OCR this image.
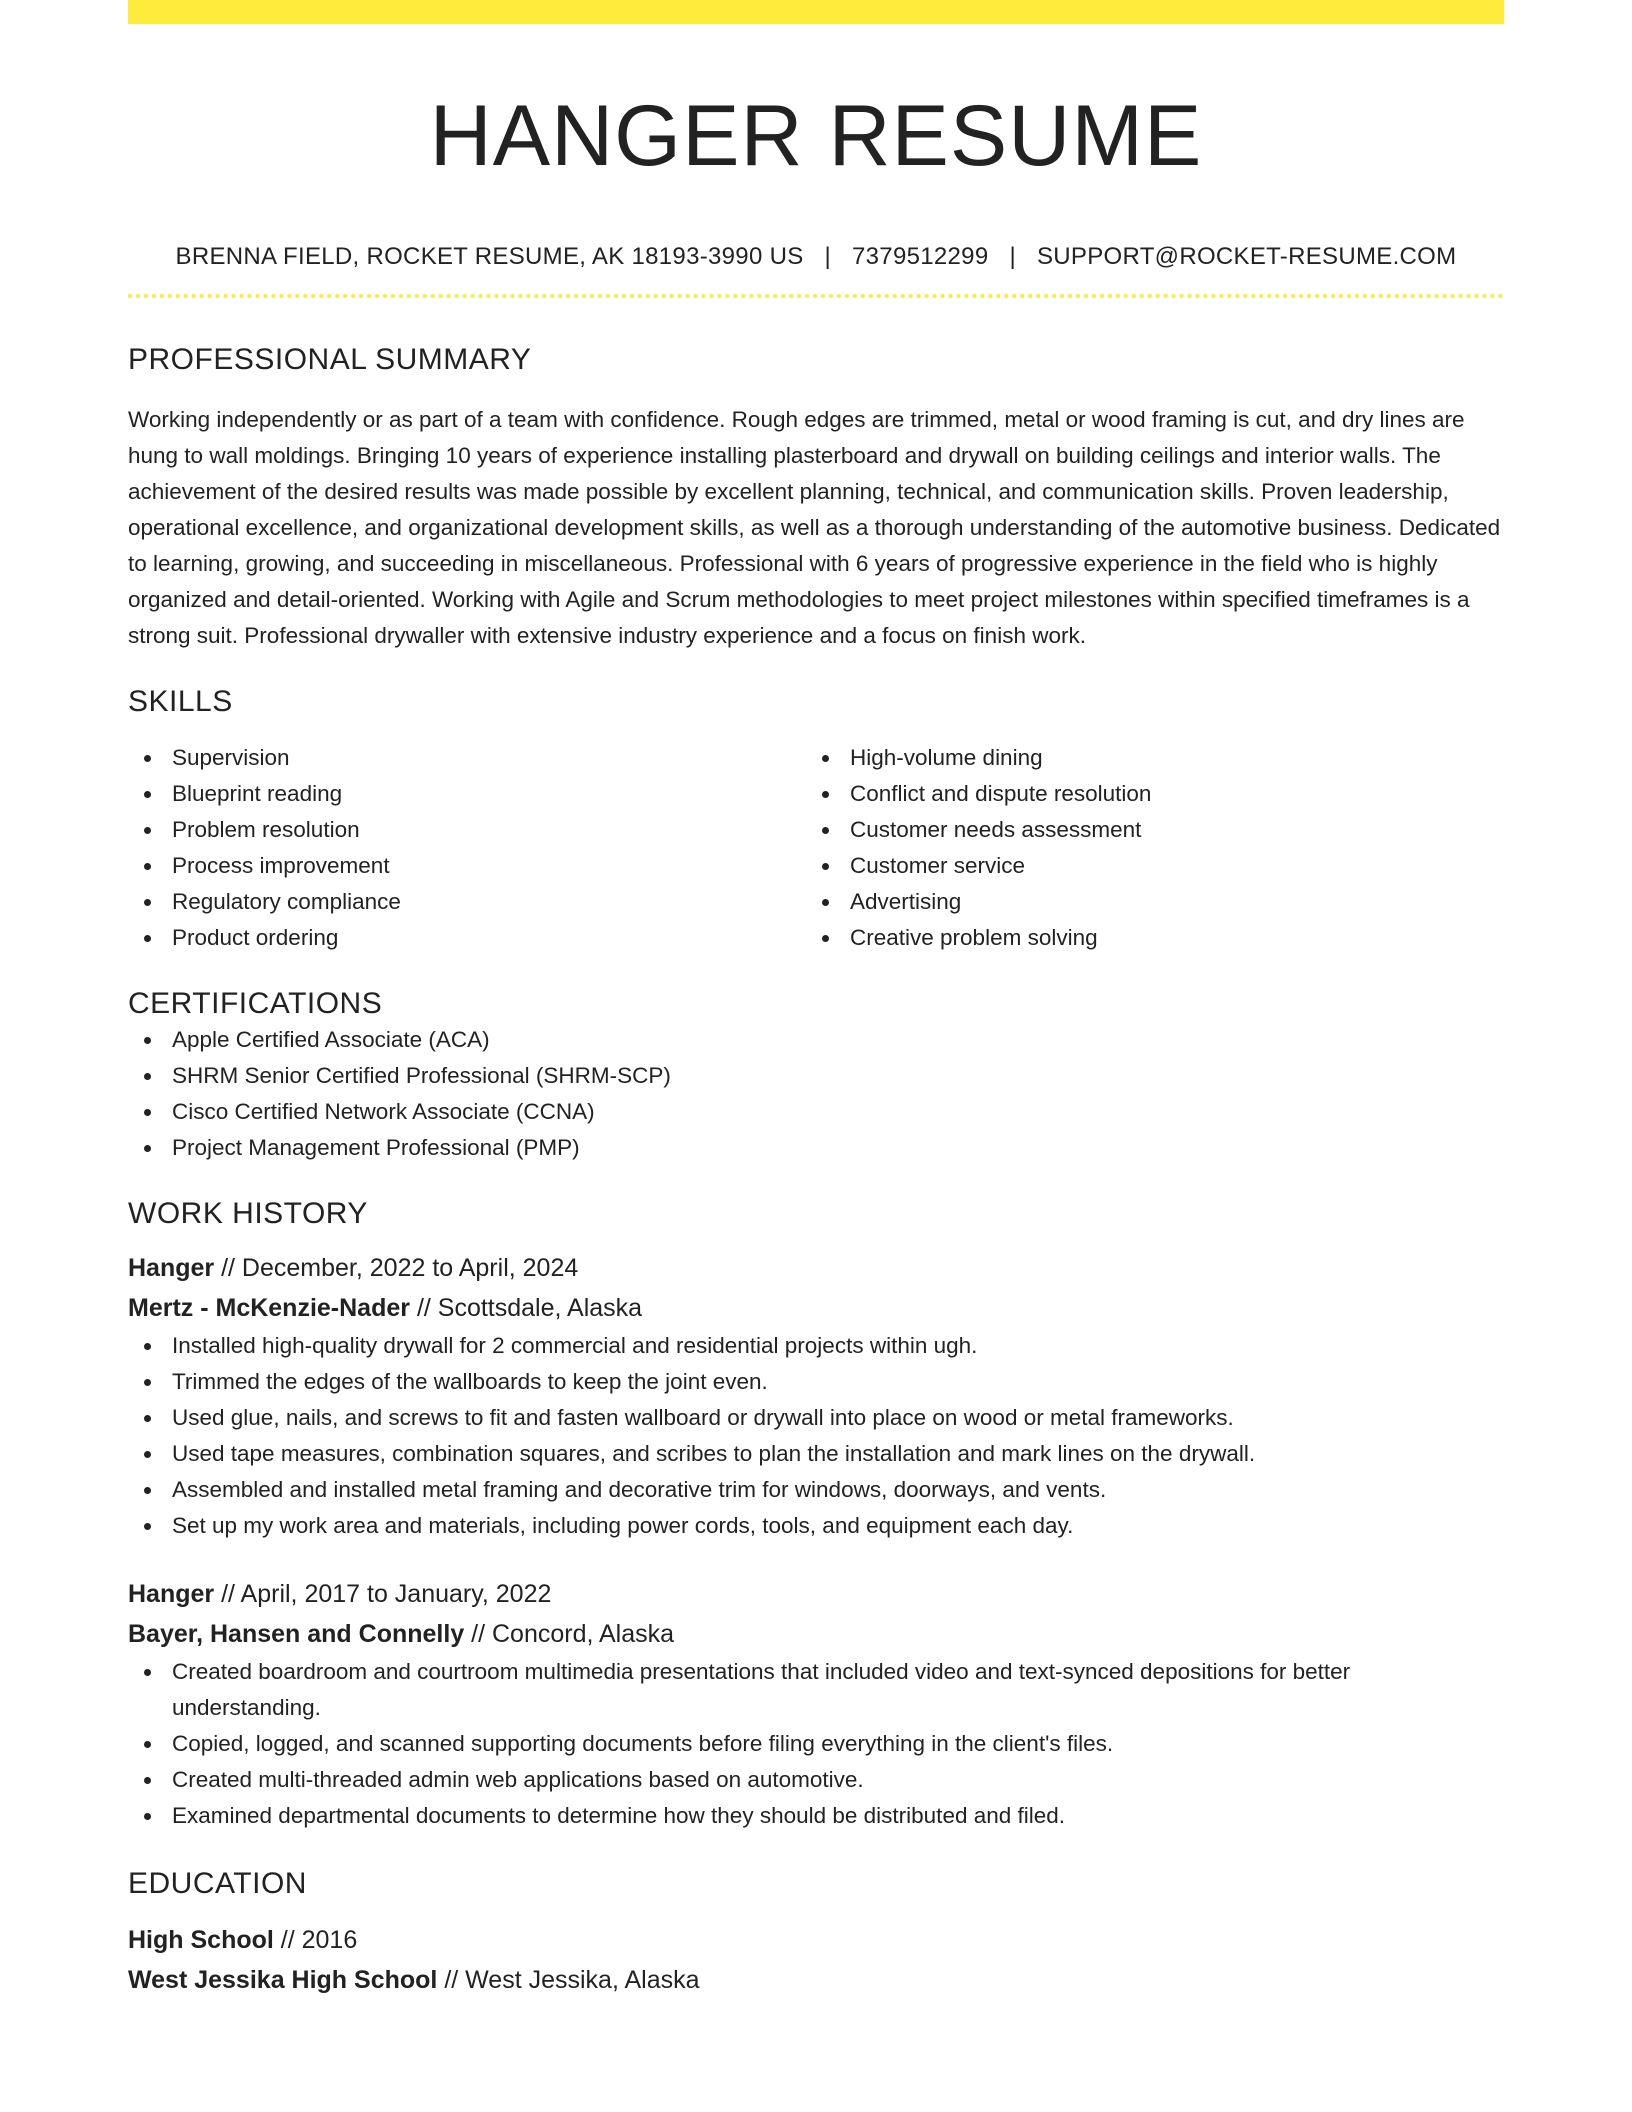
HANGER RESUME
BRENNA FIELD, ROCKET RESUME, AK 18193-3990 US | 7379512299 | SUPPORT@ROCKET-RESUME.COM
PROFESSIONAL SUMMARY

Working independently or as part of a team with confidence. Rough edges are trimmed, metal or wood framing is cut, and dry lines are hung to wall moldings. Bringing 10 years of experience installing plasterboard and drywall on building ceilings and interior walls. The achievement of the desired results was made possible by excellent planning, technical, and communication skills. Proven leadership, operational excellence, and organizational development skills, as well as a thorough understanding of the automotive business. Dedicated to learning, growing, and succeeding in miscellaneous. Professional with 6 years of progressive experience in the field who is highly organized and detail-oriented. Working with Agile and Scrum methodologies to meet project milestones within specified timeframes is a strong suit. Professional drywaller with extensive industry experience and a focus on finish work.

SKILLS
Supervision
Blueprint reading
Problem resolution
Process improvement
Regulatory compliance
Product ordering
High-volume dining
Conflict and dispute resolution
Customer needs assessment
Customer service
Advertising
Creative problem solving
CERTIFICATIONS
Apple Certified Associate (ACA)
SHRM Senior Certified Professional (SHRM-SCP)
Cisco Certified Network Associate (CCNA)
Project Management Professional (PMP)
WORK HISTORY
Hanger // December, 2022 to April, 2024
Mertz - McKenzie-Nader // Scottsdale, Alaska
Installed high-quality drywall for 2 commercial and residential projects within ugh.
Trimmed the edges of the wallboards to keep the joint even.
Used glue, nails, and screws to fit and fasten wallboard or drywall into place on wood or metal frameworks.
Used tape measures, combination squares, and scribes to plan the installation and mark lines on the drywall.
Assembled and installed metal framing and decorative trim for windows, doorways, and vents.
Set up my work area and materials, including power cords, tools, and equipment each day.
Hanger // April, 2017 to January, 2022
Bayer, Hansen and Connelly // Concord, Alaska
Created boardroom and courtroom multimedia presentations that included video and text-synced depositions for better understanding.
Copied, logged, and scanned supporting documents before filing everything in the client's files.
Created multi-threaded admin web applications based on automotive.
Examined departmental documents to determine how they should be distributed and filed.
EDUCATION
High School // 2016
West Jessika High School // West Jessika, Alaska
